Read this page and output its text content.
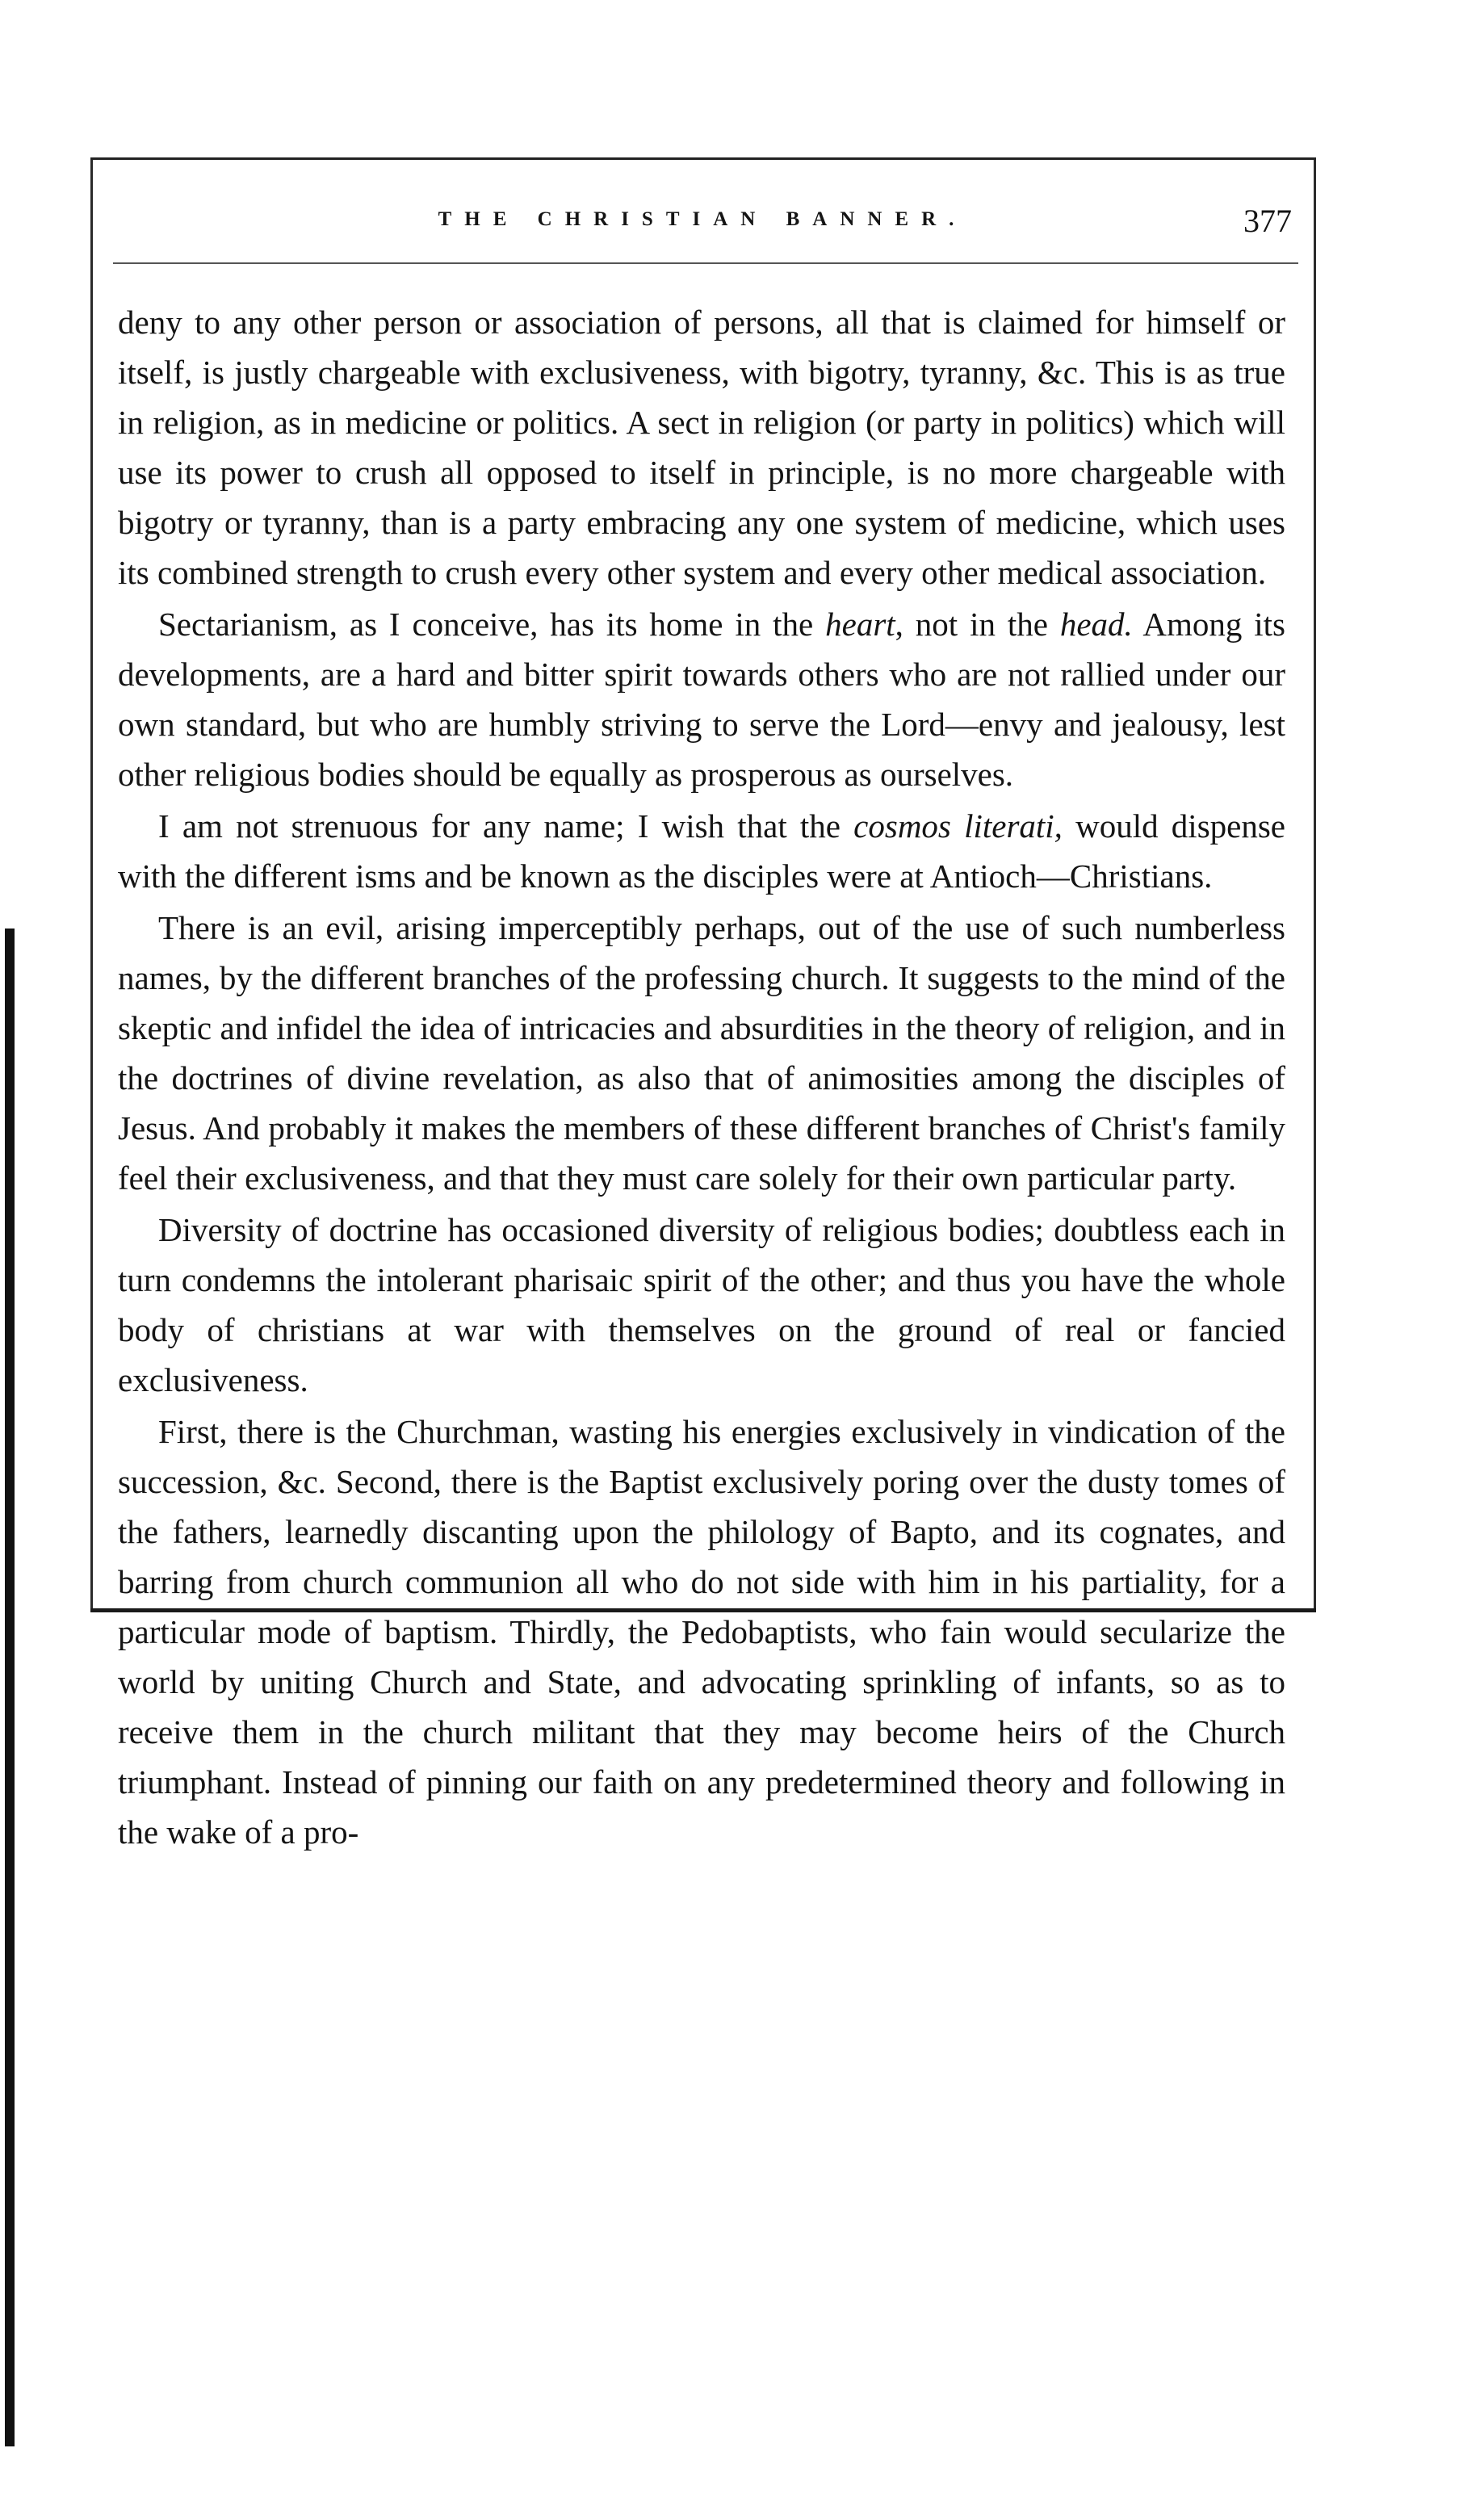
THE CHRISTIAN BANNER.	377

deny to any other person or association of persons, all that is claimed for himself or itself, is justly chargeable with exclusiveness, with bigotry, tyranny, &c. This is as true in religion, as in medicine or politics. A sect in religion (or party in politics) which will use its power to crush all opposed to itself in principle, is no more chargeable with bigotry or tyranny, than is a party embracing any one system of medicine, which uses its combined strength to crush every other system and every other medical association.

Sectarianism, as I conceive, has its home in the heart, not in the head. Among its developments, are a hard and bitter spirit towards others who are not rallied under our own standard, but who are humbly striving to serve the Lord—envy and jealousy, lest other religious bodies should be equally as prosperous as ourselves.

I am not strenuous for any name; I wish that the cosmos literati, would dispense with the different isms and be known as the disciples were at Antioch—Christians.

There is an evil, arising imperceptibly perhaps, out of the use of such numberless names, by the different branches of the professing church. It suggests to the mind of the skeptic and infidel the idea of intricacies and absurdities in the theory of religion, and in the doctrines of divine revelation, as also that of animosities among the disciples of Jesus. And probably it makes the members of these different branches of Christ's family feel their exclusiveness, and that they must care solely for their own particular party.

Diversity of doctrine has occasioned diversity of religious bodies; doubtless each in turn condemns the intolerant pharisaic spirit of the other; and thus you have the whole body of christians at war with themselves on the ground of real or fancied exclusiveness.

First, there is the Churchman, wasting his energies exclusively in vindication of the succession, &c. Second, there is the Baptist exclusively poring over the dusty tomes of the fathers, learnedly discanting upon the philology of Bapto, and its cognates, and barring from church communion all who do not side with him in his partiality, for a particular mode of baptism. Thirdly, the Pedobaptists, who fain would secularize the world by uniting Church and State, and advocating sprinkling of infants, so as to receive them in the church militant that they may become heirs of the Church triumphant. Instead of pinning our faith on any predetermined theory and following in the wake of a pro-
